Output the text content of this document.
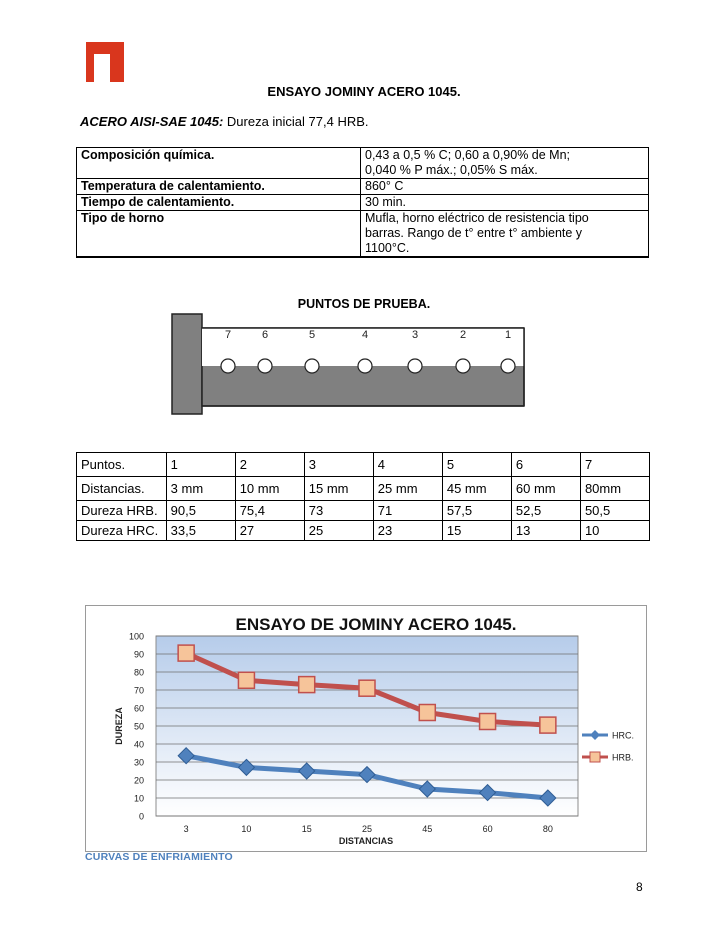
ENSAYO JOMINY ACERO 1045.
ACERO AISI-SAE 1045: Dureza inicial 77,4 HRB.
Composición química.	0,43 a 0,5 % C; 0,60 a 0,90% de Mn;
0,040 % P máx.; 0,05% S máx.

Temperatura de calentamiento.	860° C
Tiempo de calentamiento.	30 min.
Tipo de horno	Mufla, horno eléctrico de resistencia tipo
barras. Rango de t° entre t° ambiente y
1100°C.
PUNTOS DE PRUEBA.
7	6	5	4	3	2	1
Puntos.	1	2	3	4	5	6	7
Distancias.	3 mm	10 mm	15 mm	25 mm	45 mm	60 mm	80mm
Dureza HRB.	90,5	75,4	73	71	57,5	52,5	50,5
Dureza HRC.	33,5	27	25	23	15	13	10
0
10
20
30
40
50
60
70
80
90
100
3	10	15	25	45	60	80
ENSAYO DE JOMINY ACERO 1045.
DISTANCIAS
DUREZA	HRC.
HRB.
CURVAS DE ENFRIAMIENTO
8
